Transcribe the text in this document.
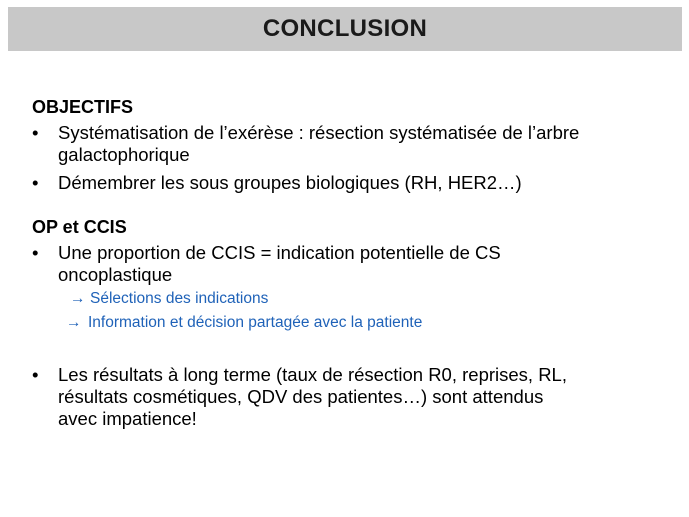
CONCLUSION

OBJECTIFS

•	Systématisation de l’exérèse : résection systématisée de l’arbre
galactophorique
•	Démembrer les sous groupes biologiques (RH, HER2…)

OP et CCIS

•	Une proportion de CCIS = indication potentielle de CS
oncoplastique
→ Sélections des indications
→ Information et décision partagée avec la patiente
•	Les résultats à long terme (taux de résection R0, reprises, RL,
résultats cosmétiques, QDV des patientes…) sont attendus
avec impatience!
